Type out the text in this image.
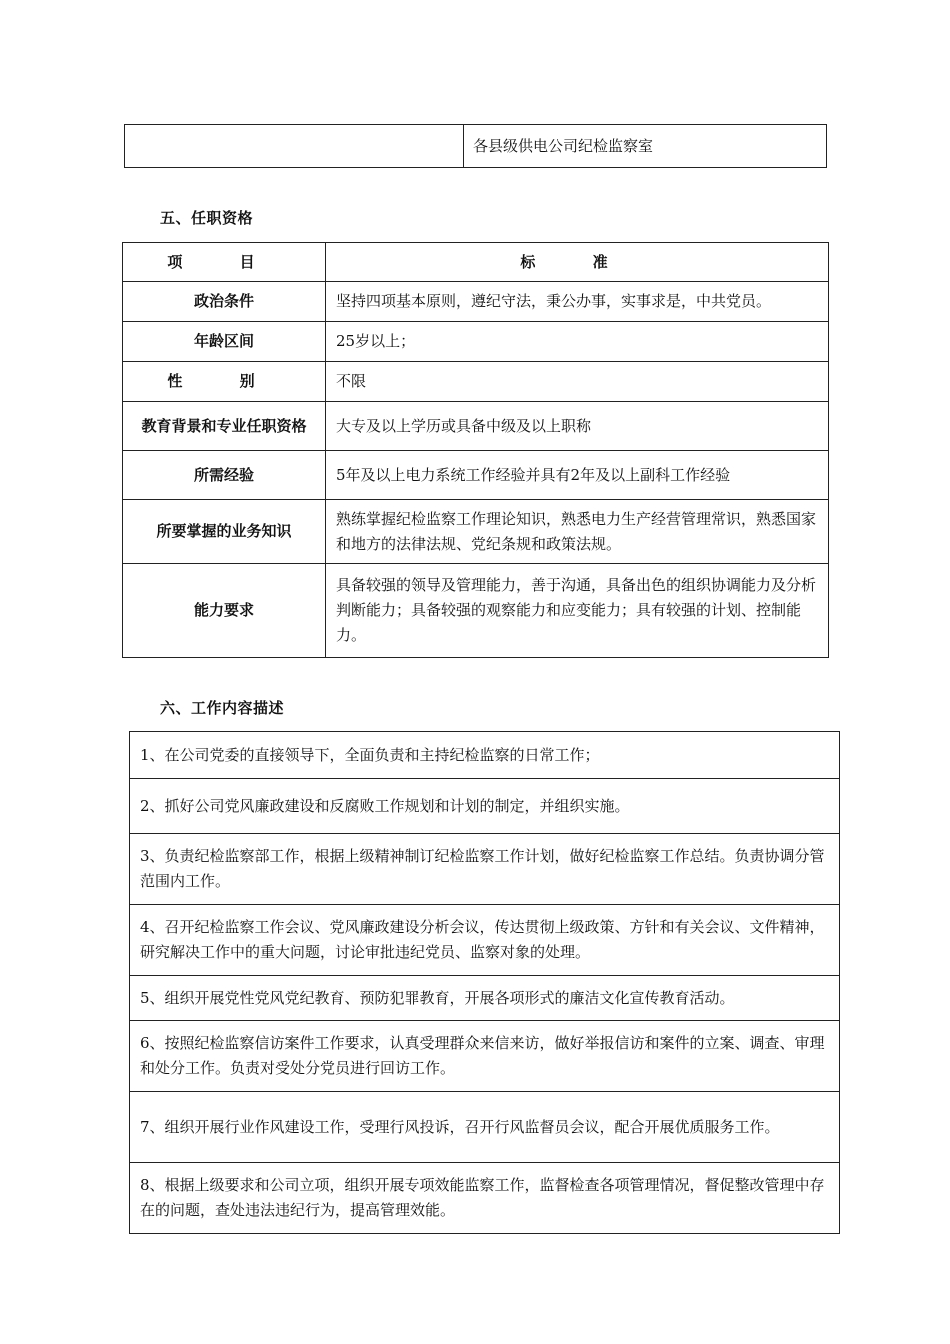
	各县级供电公司纪检监察室
五、任职资格
项 目	标 准
政治条件	坚持四项基本原则，遵纪守法，秉公办事，实事求是，中共党员。
年龄区间	25岁以上；
性 别	不限
教育背景和专业任职资格	大专及以上学历或具备中级及以上职称
所需经验	5年及以上电力系统工作经验并具有2年及以上副科工作经验
所要掌握的业务知识	熟练掌握纪检监察工作理论知识，熟悉电力生产经营管理常识，熟悉国家和地方的法律法规、党纪条规和政策法规。
能力要求	具备较强的领导及管理能力，善于沟通，具备出色的组织协调能力及分析判断能力；具备较强的观察能力和应变能力；具有较强的计划、控制能力。
六、工作内容描述
1、在公司党委的直接领导下，全面负责和主持纪检监察的日常工作；
2、抓好公司党风廉政建设和反腐败工作规划和计划的制定，并组织实施。
3、负责纪检监察部工作，根据上级精神制订纪检监察工作计划，做好纪检监察工作总结。负责协调分管范围内工作。
4、召开纪检监察工作会议、党风廉政建设分析会议，传达贯彻上级政策、方针和有关会议、文件精神，研究解决工作中的重大问题，讨论审批违纪党员、监察对象的处理。
5、组织开展党性党风党纪教育、预防犯罪教育，开展各项形式的廉洁文化宣传教育活动。
6、按照纪检监察信访案件工作要求，认真受理群众来信来访，做好举报信访和案件的立案、调查、审理和处分工作。负责对受处分党员进行回访工作。
7、组织开展行业作风建设工作，受理行风投诉，召开行风监督员会议，配合开展优质服务工作。
8、根据上级要求和公司立项，组织开展专项效能监察工作，监督检查各项管理情况，督促整改管理中存在的问题，查处违法违纪行为，提高管理效能。
